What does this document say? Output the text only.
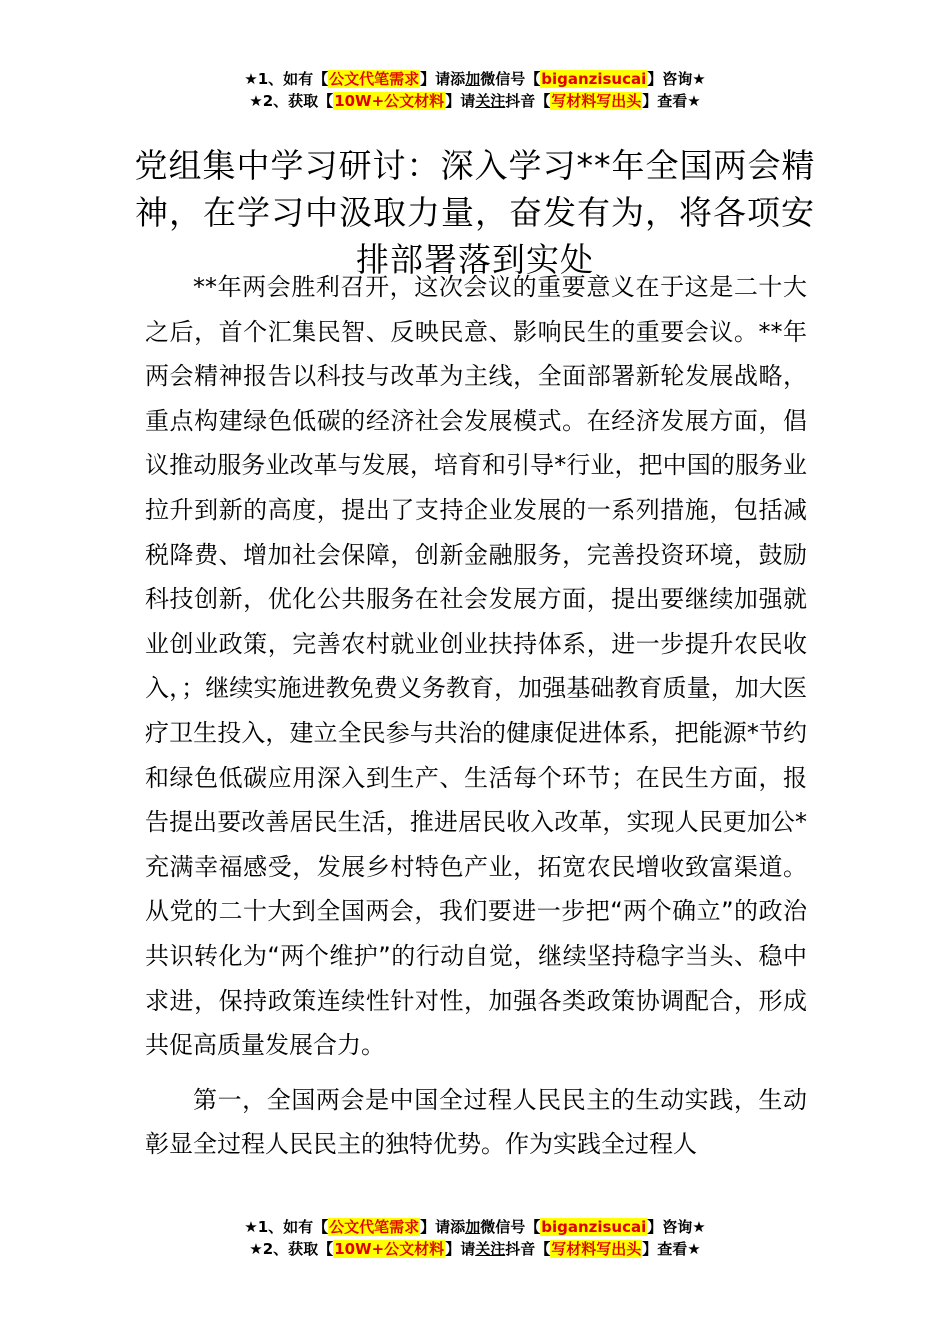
★1、如有【公文代笔需求】请添加微信号【biganzisucai】咨询★
★2、获取【10W+公文材料】请关注抖音【写材料写出头】查看★
党组集中学习研讨：深入学习**年全国两会精神，在学习中汲取力量，奋发有为，将各项安排部署落到实处

**年两会胜利召开，这次会议的重要意义在于这是二十大之后，首个汇集民智、反映民意、影响民生的重要会议。**年两会精神报告以科技与改革为主线，全面部署新轮发展战略，重点构建绿色低碳的经济社会发展模式。在经济发展方面，倡议推动服务业改革与发展，培育和引导*行业，把中国的服务业拉升到新的高度，提出了支持企业发展的一系列措施，包括减税降费、增加社会保障，创新金融服务，完善投资环境，鼓励科技创新，优化公共服务在社会发展方面，提出要继续加强就业创业政策，完善农村就业创业扶持体系，进一步提升农民收入，；继续实施进教免费义务教育，加强基础教育质量，加大医疗卫生投入，建立全民参与共治的健康促进体系，把能源*节约和绿色低碳应用深入到生产、生活每个环节；在民生方面，报告提出要改善居民生活，推进居民收入改革，实现人民更加公*充满幸福感受，发展乡村特色产业，拓宽农民增收致富渠道。从党的二十大到全国两会，我们要进一步把“两个确立”的政治共识转化为“两个维护”的行动自觉，继续坚持稳字当头、稳中求进，保持政策连续性针对性，加强各类政策协调配合，形成共促高质量发展合力。

第一，全国两会是中国全过程人民民主的生动实践，生动彰显全过程人民民主的独特优势。作为实践全过程人

★1、如有【公文代笔需求】请添加微信号【biganzisucai】咨询★
★2、获取【10W+公文材料】请关注抖音【写材料写出头】查看★
